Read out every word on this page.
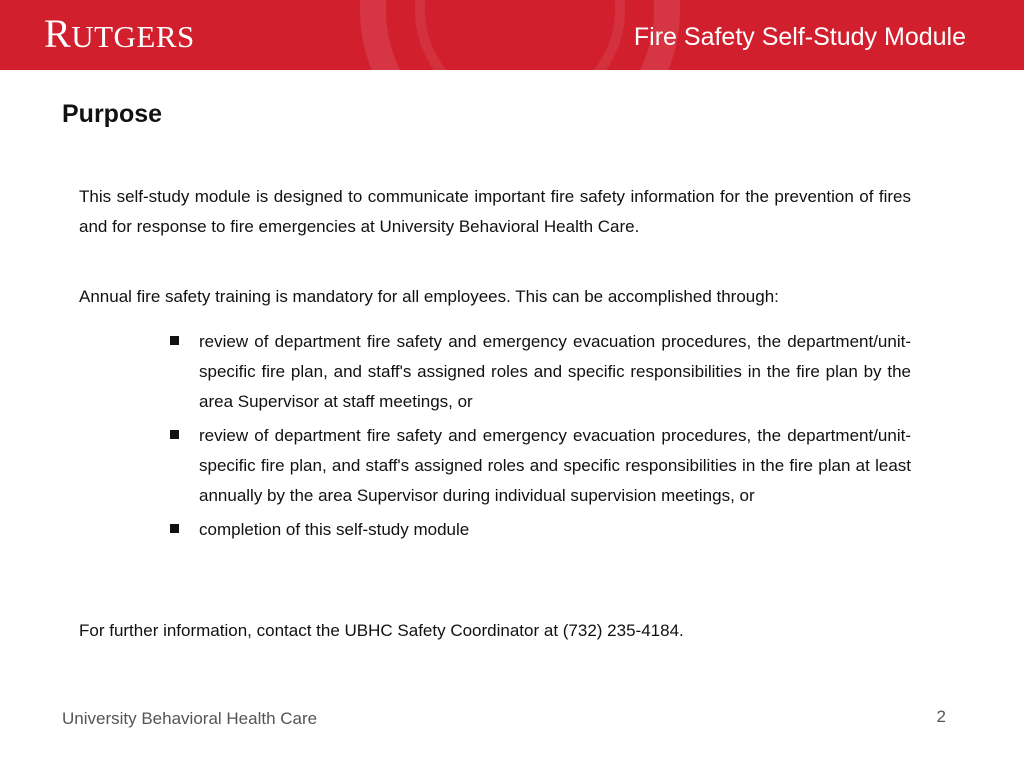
RUTGERS	Fire Safety Self-Study Module
Purpose

This self-study module is designed to communicate important fire safety information for the prevention of fires and for response to fire emergencies at University Behavioral Health Care.

Annual fire safety training is mandatory for all employees. This can be accomplished through:

review of department fire safety and emergency evacuation procedures, the department/unit-specific fire plan, and staff's assigned roles and specific responsibilities in the fire plan by the area Supervisor at staff meetings, or
review of department fire safety and emergency evacuation procedures, the department/unit-specific fire plan, and staff's assigned roles and specific responsibilities in the fire plan at least annually by the area Supervisor during individual supervision meetings, or
completion of this self-study module

For further information, contact the UBHC Safety Coordinator at (732) 235-4184.

University Behavioral Health Care	2
